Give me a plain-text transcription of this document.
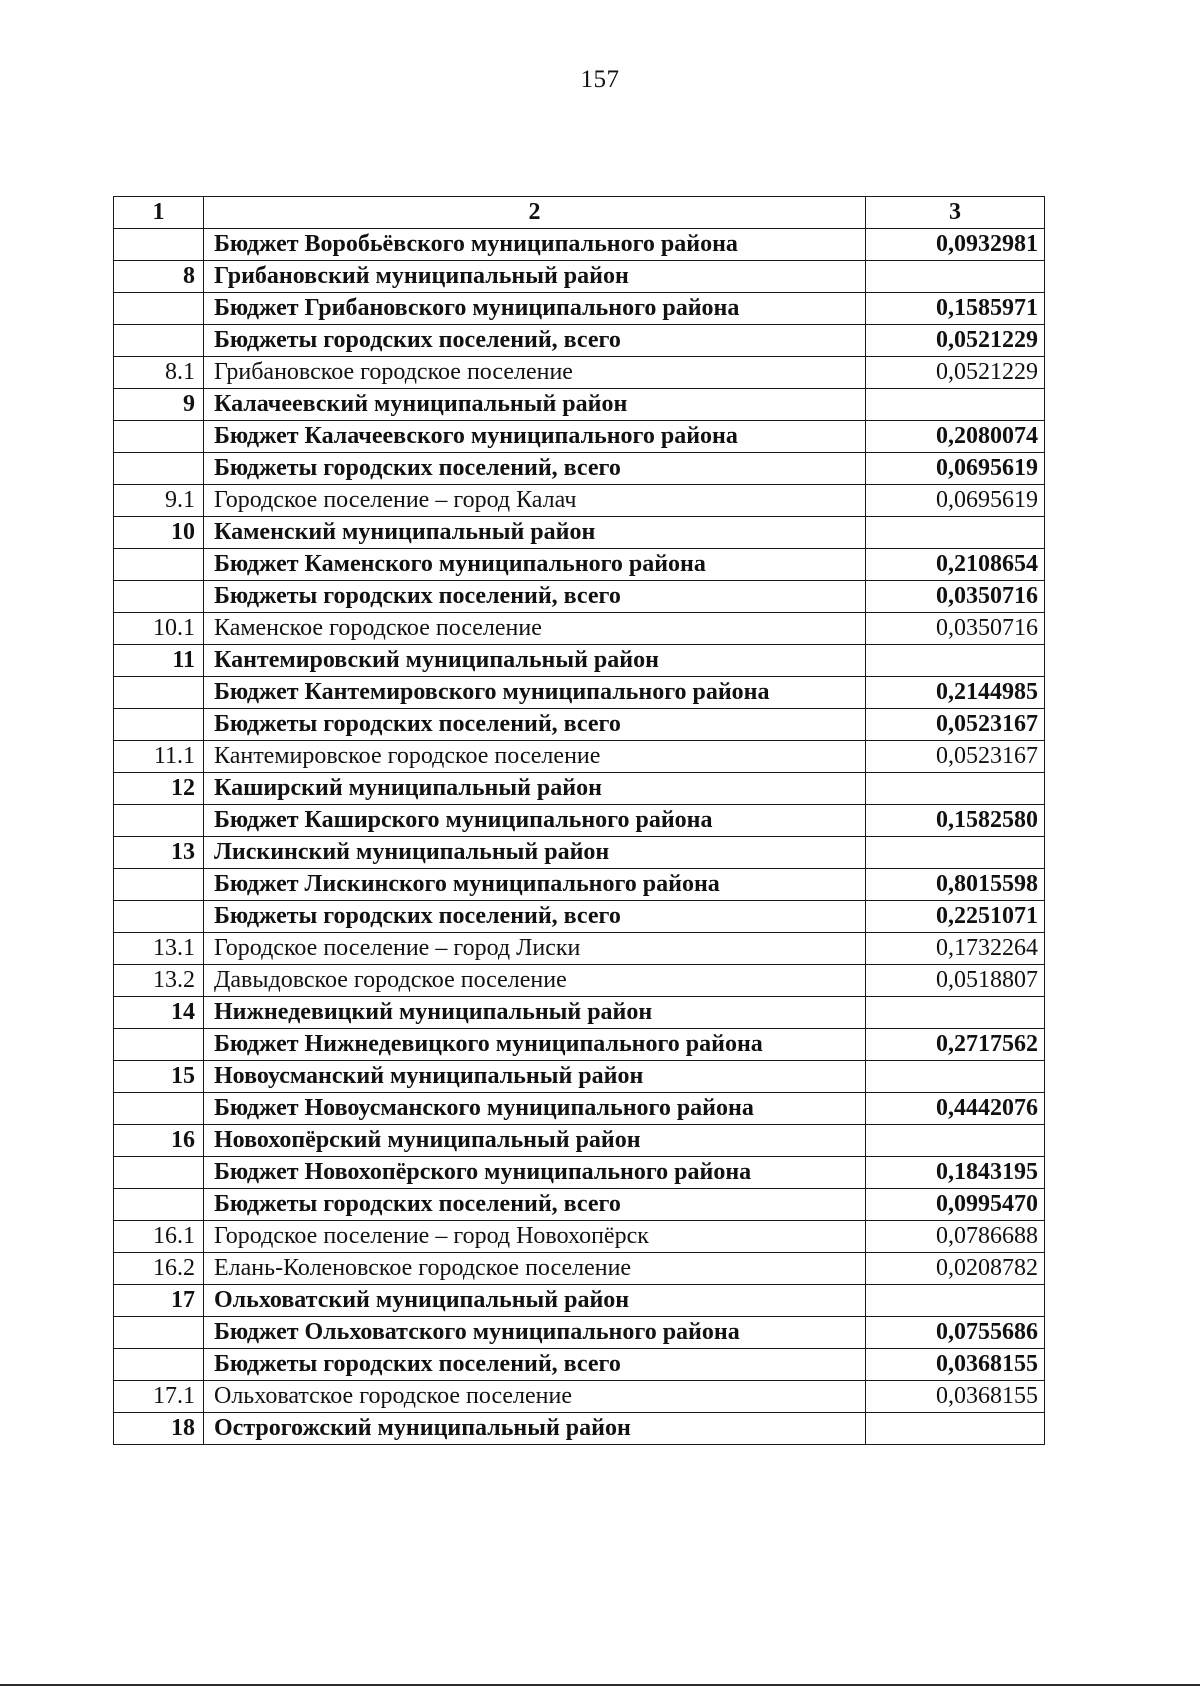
157
1	2	3
	Бюджет Воробьёвского муниципального района	0,0932981
8	Грибановский муниципальный район	
	Бюджет Грибановского муниципального района	0,1585971
	Бюджеты городских поселений, всего	0,0521229
8.1	Грибановское городское поселение	0,0521229
9	Калачеевский муниципальный район	
	Бюджет Калачеевского муниципального района	0,2080074
	Бюджеты городских поселений, всего	0,0695619
9.1	Городское поселение – город Калач	0,0695619
10	Каменский муниципальный район	
	Бюджет Каменского муниципального района	0,2108654
	Бюджеты городских поселений, всего	0,0350716
10.1	Каменское городское поселение	0,0350716
11	Кантемировский муниципальный район	
	Бюджет Кантемировского муниципального района	0,2144985
	Бюджеты городских поселений, всего	0,0523167
11.1	Кантемировское городское поселение	0,0523167
12	Каширский муниципальный район	
	Бюджет Каширского муниципального района	0,1582580
13	Лискинский муниципальный район	
	Бюджет Лискинского муниципального района	0,8015598
	Бюджеты городских поселений, всего	0,2251071
13.1	Городское поселение – город Лиски	0,1732264
13.2	Давыдовское городское поселение	0,0518807
14	Нижнедевицкий муниципальный район	
	Бюджет Нижнедевицкого муниципального района	0,2717562
15	Новоусманский муниципальный район	
	Бюджет Новоусманского муниципального района	0,4442076
16	Новохопёрский муниципальный район	
	Бюджет Новохопёрского муниципального района	0,1843195
	Бюджеты городских поселений, всего	0,0995470
16.1	Городское поселение – город Новохопёрск	0,0786688
16.2	Елань-Коленовское городское поселение	0,0208782
17	Ольховатский муниципальный район	
	Бюджет Ольховатского муниципального района	0,0755686
	Бюджеты городских поселений, всего	0,0368155
17.1	Ольховатское городское поселение	0,0368155
18	Острогожский муниципальный район	
